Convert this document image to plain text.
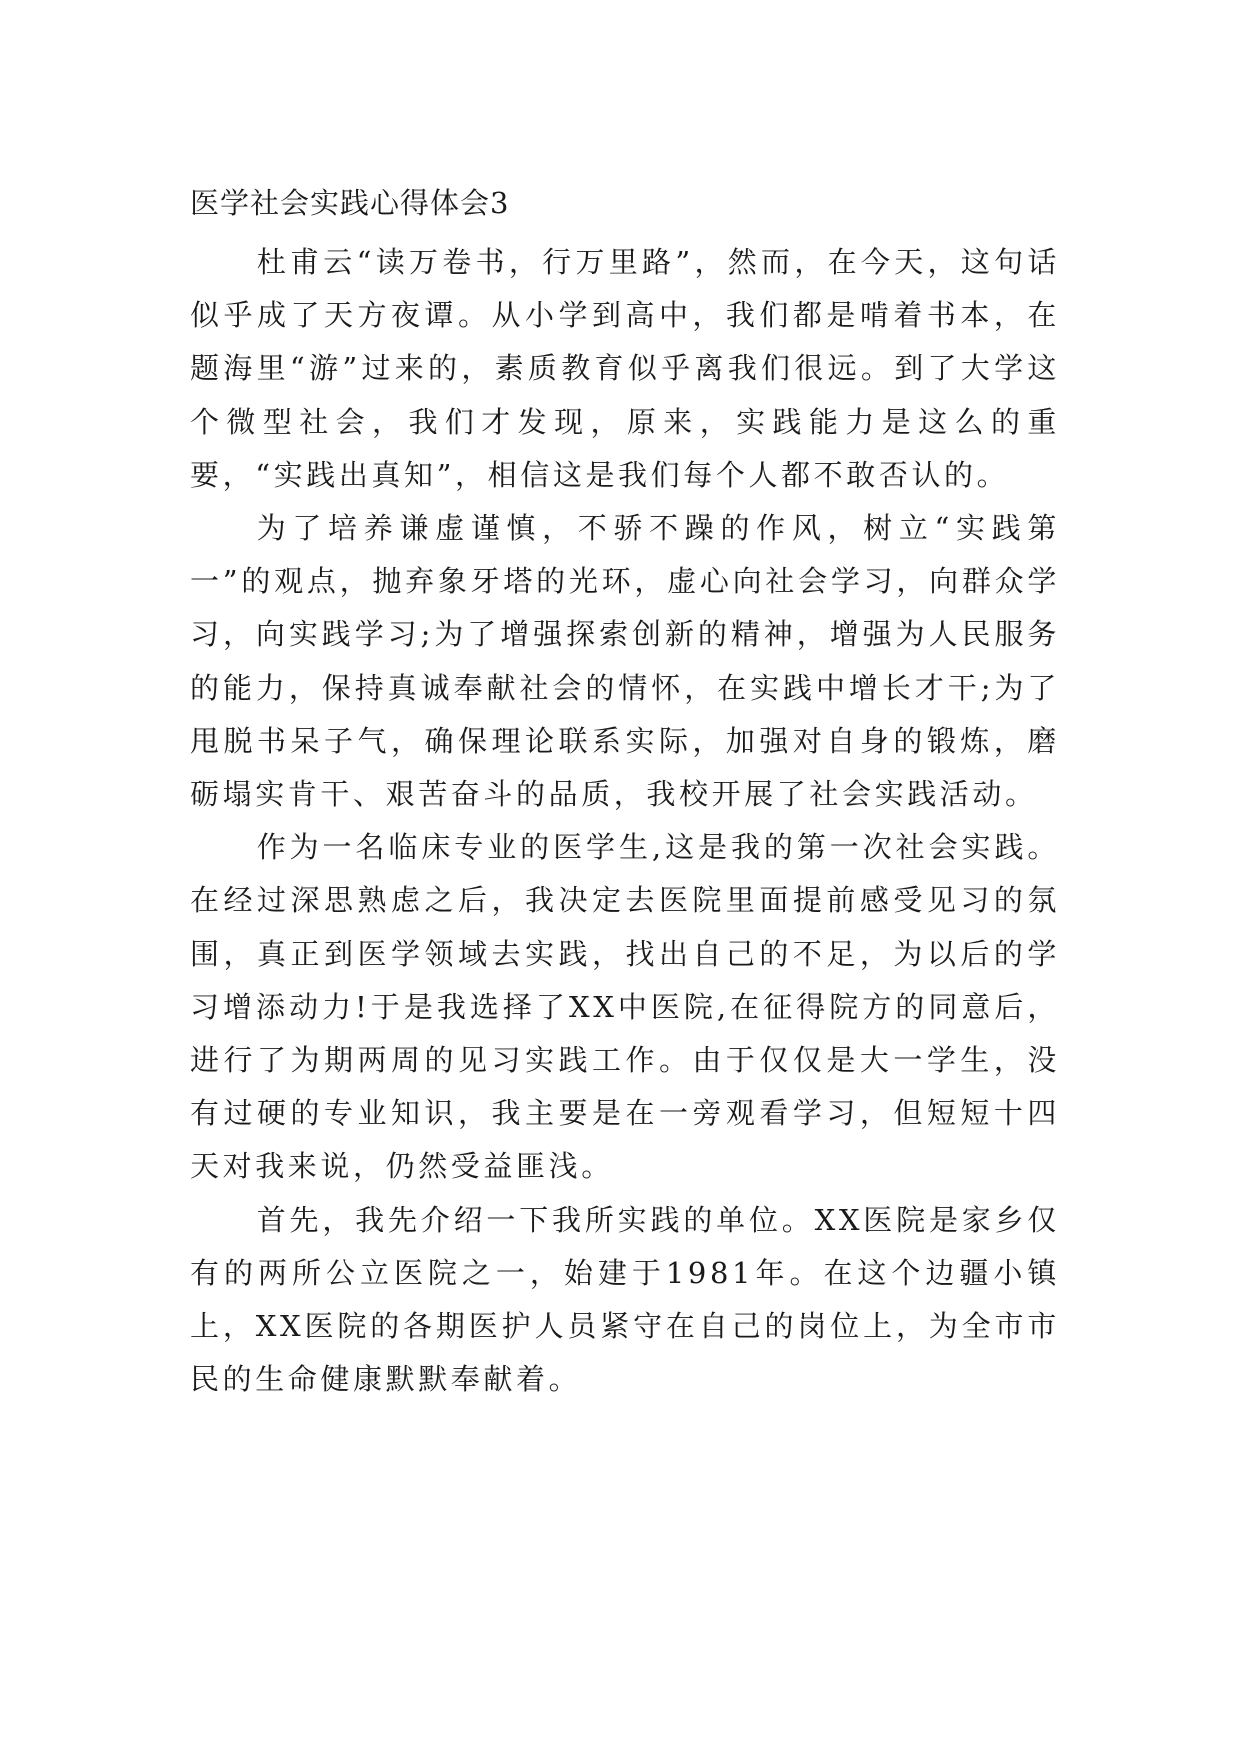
医学社会实践心得体会3

杜甫云“读万卷书，行万里路”，然而，在今天，这句话似乎成了天方夜谭。从小学到高中，我们都是啃着书本，在题海里“游”过来的，素质教育似乎离我们很远。到了大学这个微型社会，我们才发现，原来，实践能力是这么的重要，“实践出真知”，相信这是我们每个人都不敢否认的。

为了培养谦虚谨慎，不骄不躁的作风，树立“实践第一”的观点，抛弃象牙塔的光环，虚心向社会学习，向群众学习，向实践学习;为了增强探索创新的精神，增强为人民服务的能力，保持真诚奉献社会的情怀，在实践中增长才干;为了甩脱书呆子气，确保理论联系实际，加强对自身的锻炼，磨砺塌实肯干、艰苦奋斗的品质，我校开展了社会实践活动。

作为一名临床专业的医学生,这是我的第一次社会实践。在经过深思熟虑之后，我决定去医院里面提前感受见习的氛围，真正到医学领域去实践，找出自己的不足，为以后的学习增添动力!于是我选择了XX中医院,在征得院方的同意后，进行了为期两周的见习实践工作。由于仅仅是大一学生，没有过硬的专业知识，我主要是在一旁观看学习，但短短十四天对我来说，仍然受益匪浅。

首先，我先介绍一下我所实践的单位。XX医院是家乡仅有的两所公立医院之一，始建于1981年。在这个边疆小镇上，XX医院的各期医护人员紧守在自己的岗位上，为全市市民的生命健康默默奉献着。
